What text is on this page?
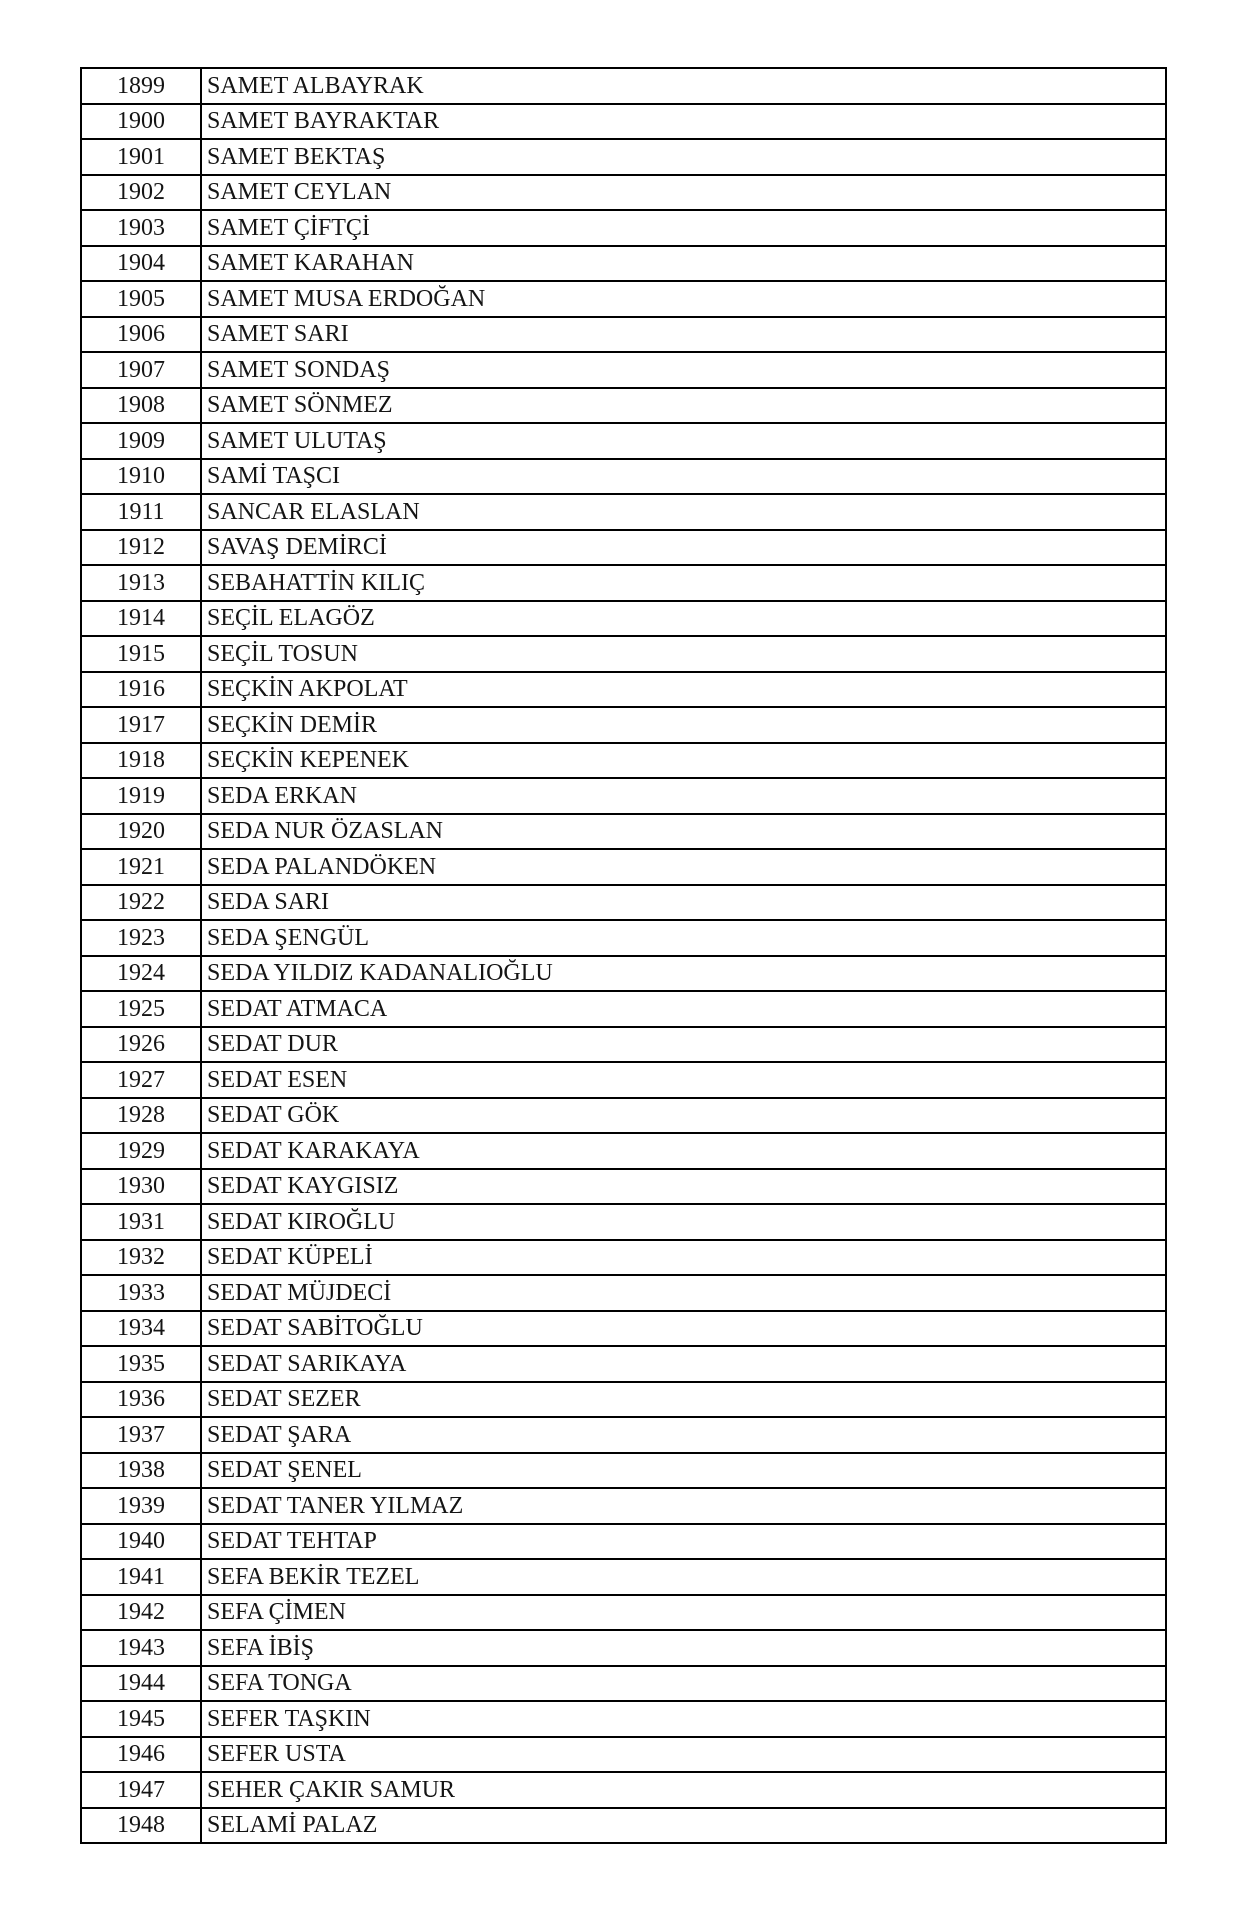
1899	SAMET ALBAYRAK
1900	SAMET BAYRAKTAR
1901	SAMET BEKTAŞ
1902	SAMET CEYLAN
1903	SAMET ÇİFTÇİ
1904	SAMET KARAHAN
1905	SAMET MUSA ERDOĞAN
1906	SAMET SARI
1907	SAMET SONDAŞ
1908	SAMET SÖNMEZ
1909	SAMET ULUTAŞ
1910	SAMİ TAŞCI
1911	SANCAR ELASLAN
1912	SAVAŞ DEMİRCİ
1913	SEBAHATTİN KILIÇ
1914	SEÇİL ELAGÖZ
1915	SEÇİL TOSUN
1916	SEÇKİN AKPOLAT
1917	SEÇKİN DEMİR
1918	SEÇKİN KEPENEK
1919	SEDA ERKAN
1920	SEDA NUR ÖZASLAN
1921	SEDA PALANDÖKEN
1922	SEDA SARI
1923	SEDA ŞENGÜL
1924	SEDA YILDIZ KADANALIOĞLU
1925	SEDAT ATMACA
1926	SEDAT DUR
1927	SEDAT ESEN
1928	SEDAT GÖK
1929	SEDAT KARAKAYA
1930	SEDAT KAYGISIZ
1931	SEDAT KIROĞLU
1932	SEDAT KÜPELİ
1933	SEDAT MÜJDECİ
1934	SEDAT SABİTOĞLU
1935	SEDAT SARIKAYA
1936	SEDAT SEZER
1937	SEDAT ŞARA
1938	SEDAT ŞENEL
1939	SEDAT TANER YILMAZ
1940	SEDAT TEHTAP
1941	SEFA BEKİR TEZEL
1942	SEFA ÇİMEN
1943	SEFA İBİŞ
1944	SEFA TONGA
1945	SEFER TAŞKIN
1946	SEFER USTA
1947	SEHER ÇAKIR SAMUR
1948	SELAMİ PALAZ
